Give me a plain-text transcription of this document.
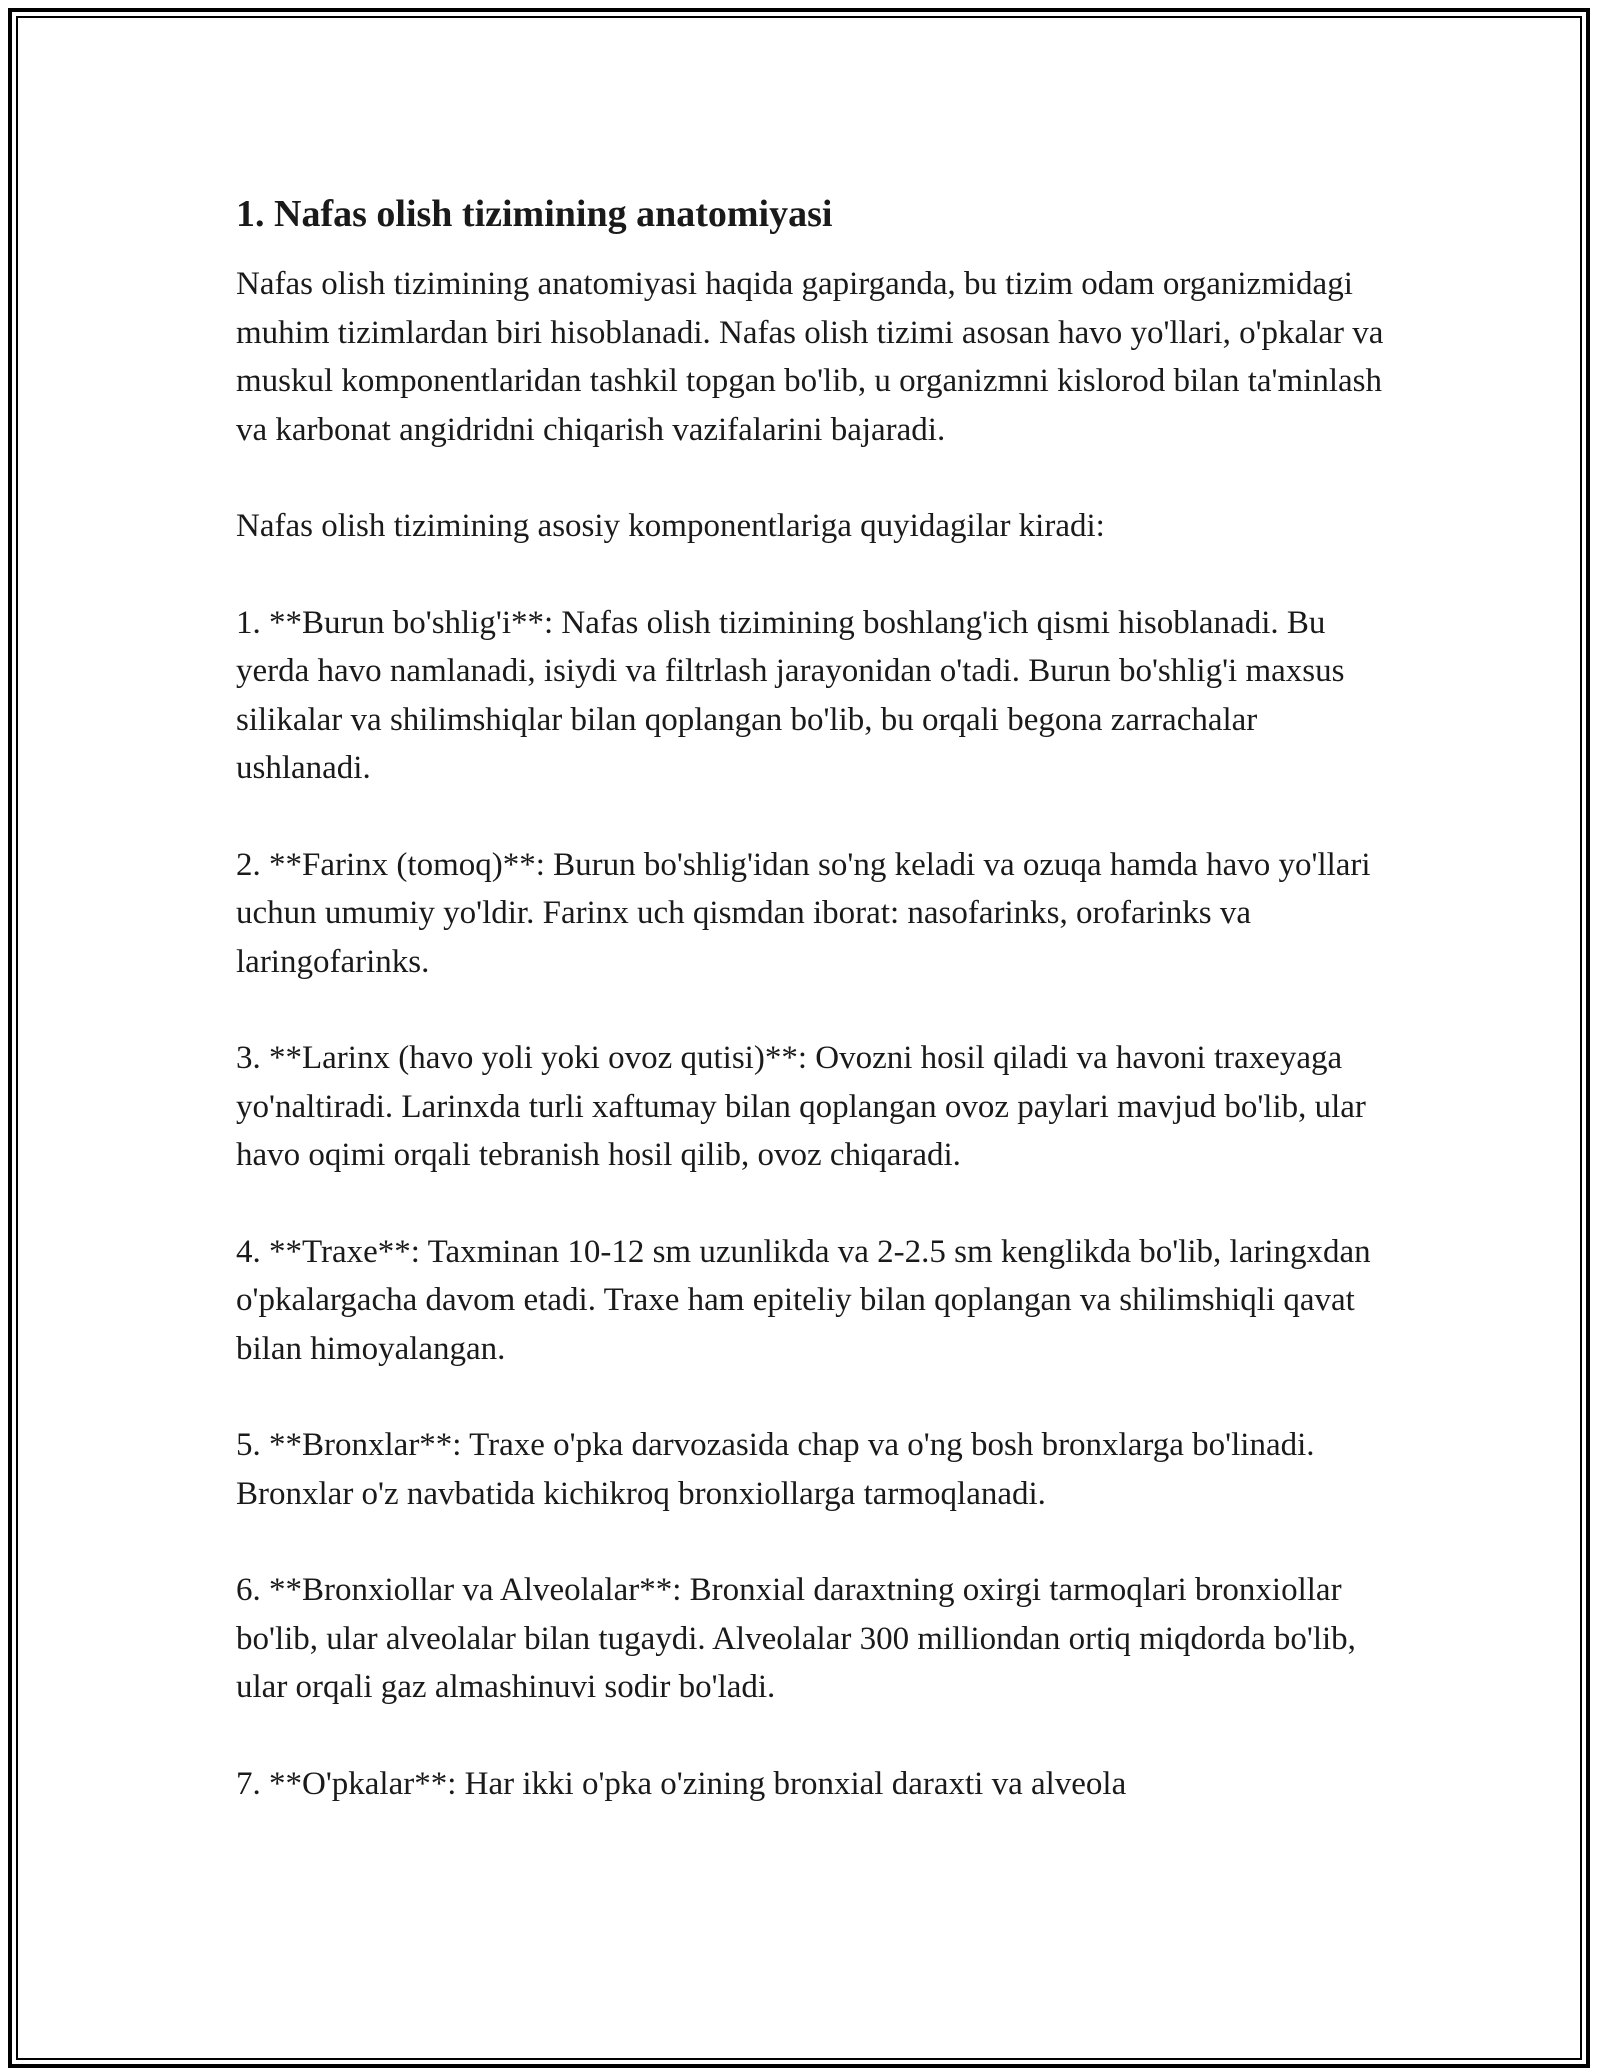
1. Nafas olish tizimining anatomiyasi

Nafas olish tizimining anatomiyasi haqida gapirganda, bu tizim odam organizmidagi muhim tizimlardan biri hisoblanadi. Nafas olish tizimi asosan havo yo'llari, o'pkalar va muskul komponentlaridan tashkil topgan bo'lib, u organizmni kislorod bilan ta'minlash va karbonat angidridni chiqarish vazifalarini bajaradi.

Nafas olish tizimining asosiy komponentlariga quyidagilar kiradi:

1. **Burun bo'shlig'i**: Nafas olish tizimining boshlang'ich qismi hisoblanadi. Bu yerda havo namlanadi, isiydi va filtrlash jarayonidan o'tadi. Burun bo'shlig'i maxsus silikalar va shilimshiqlar bilan qoplangan bo'lib, bu orqali begona zarrachalar ushlanadi.

2. **Farinx (tomoq)**: Burun bo'shlig'idan so'ng keladi va ozuqa hamda havo yo'llari uchun umumiy yo'ldir. Farinx uch qismdan iborat: nasofarinks, orofarinks va laringofarinks.

3. **Larinx (havo yoli yoki ovoz qutisi)**: Ovozni hosil qiladi va havoni traxeyaga yo'naltiradi. Larinxda turli xaftumay bilan qoplangan ovoz paylari mavjud bo'lib, ular havo oqimi orqali tebranish hosil qilib, ovoz chiqaradi.

4. **Traxe**: Taxminan 10-12 sm uzunlikda va 2-2.5 sm kenglikda bo'lib, laringxdan o'pkalargacha davom etadi. Traxe ham epiteliy bilan qoplangan va shilimshiqli qavat bilan himoyalangan.

5. **Bronxlar**: Traxe o'pka darvozasida chap va o'ng bosh bronxlarga bo'linadi. Bronxlar o'z navbatida kichikroq bronxiollarga tarmoqlanadi.

6. **Bronxiollar va Alveolalar**: Bronxial daraxtning oxirgi tarmoqlari bronxiollar bo'lib, ular alveolalar bilan tugaydi. Alveolalar 300 milliondan ortiq miqdorda bo'lib, ular orqali gaz almashinuvi sodir bo'ladi.

7. **O'pkalar**: Har ikki o'pka o'zining bronxial daraxti va alveola
